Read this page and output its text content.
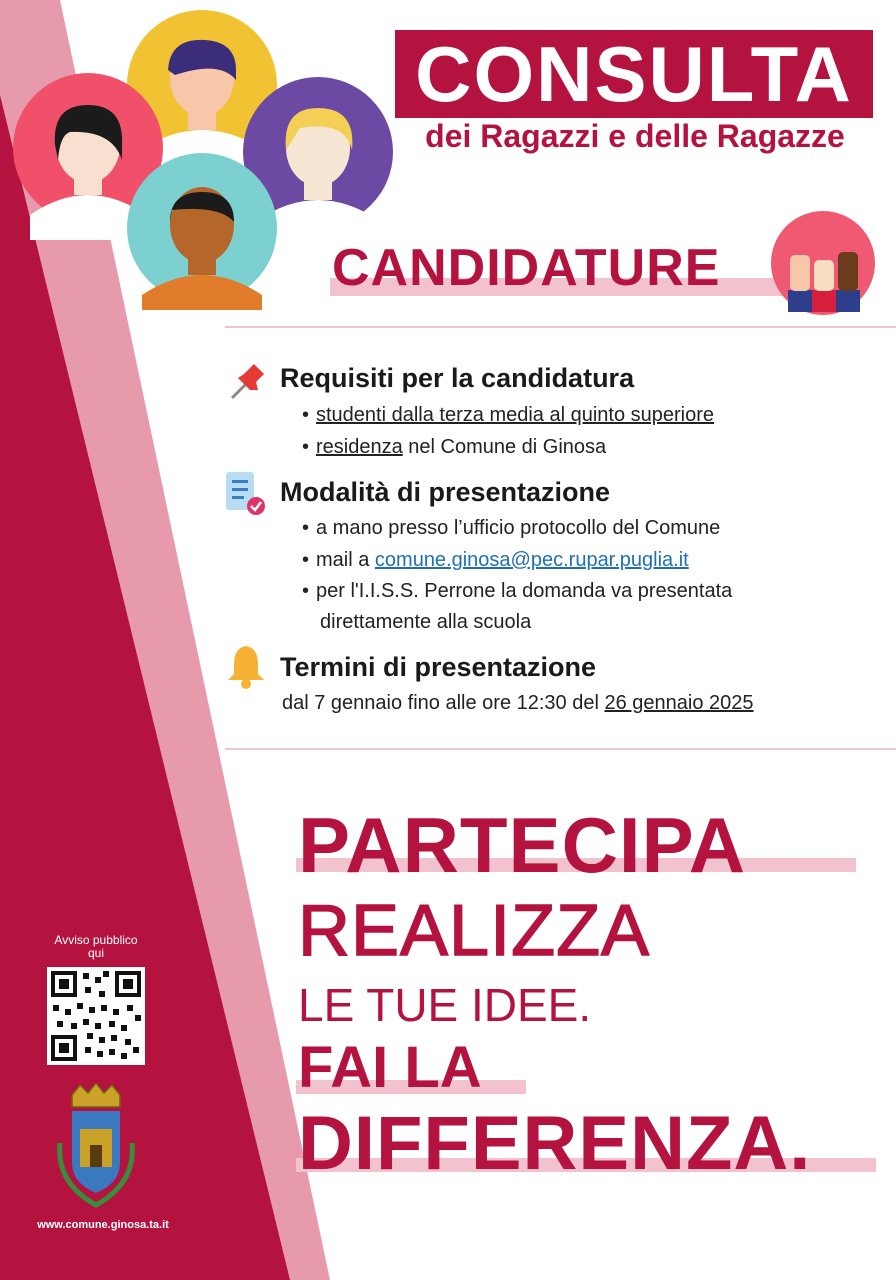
CONSULTA
dei Ragazzi e delle Ragazze
CANDIDATURE
Requisiti per la candidatura
• studenti dalla terza media al quinto superiore
• residenza nel Comune di Ginosa
Modalità di presentazione
• a mano presso l’ufficio protocollo del Comune
• mail a comune.ginosa@pec.rupar.puglia.it
• per l'I.I.S.S. Perrone la domanda va presentata
direttamente alla scuola
Termini di presentazione
dal 7 gennaio fino alle ore 12:30 del 26 gennaio 2025
PARTECIPA
REALIZZA
LE TUE IDEE.
FAI LA
DIFFERENZA.
Avviso pubblico
qui
www.comune.ginosa.ta.it
